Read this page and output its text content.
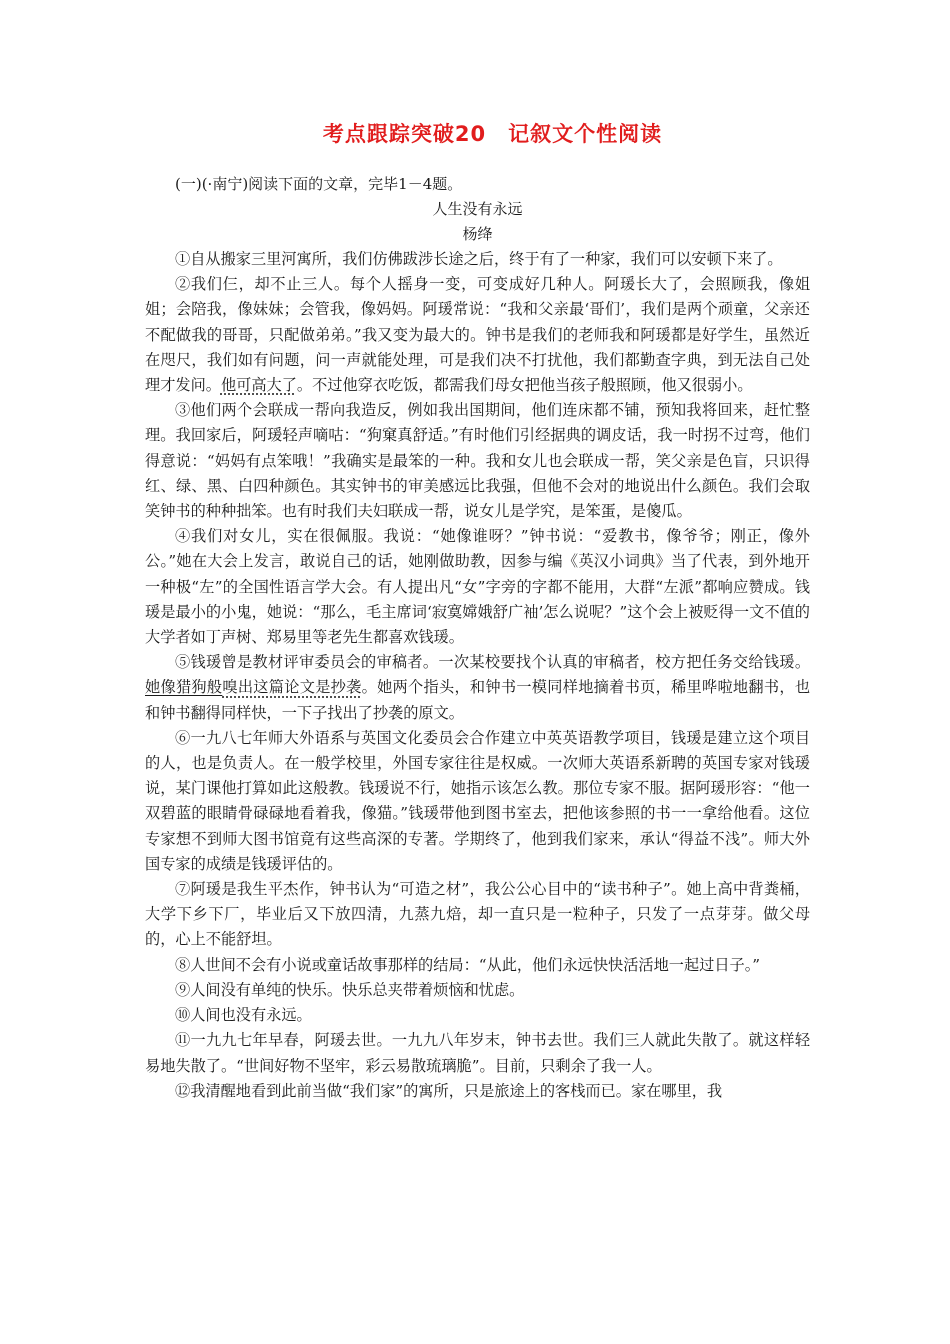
考点跟踪突破20　记叙文个性阅读

(一)(·南宁)阅读下面的文章，完毕1－4题。

人生没有永远

杨绛

①自从搬家三里河寓所，我们仿佛跋涉长途之后，终于有了一种家，我们可以安顿下来了。

②我们仨，却不止三人。每个人摇身一变，可变成好几种人。阿瑗长大了，会照顾我，像姐姐；会陪我，像妹妹；会管我，像妈妈。阿瑗常说：“我和父亲最‘哥们’，我们是两个顽童，父亲还不配做我的哥哥，只配做弟弟。”我又变为最大的。钟书是我们的老师我和阿瑗都是好学生，虽然近在咫尺，我们如有问题，问一声就能处理，可是我们决不打扰他，我们都勤查字典，到无法自己处理才发问。他可高大了。不过他穿衣吃饭，都需我们母女把他当孩子般照顾，他又很弱小。

③他们两个会联成一帮向我造反，例如我出国期间，他们连床都不铺，预知我将回来，赶忙整理。我回家后，阿瑗轻声嘀咕：“狗窠真舒适。”有时他们引经据典的调皮话，我一时拐不过弯，他们得意说：“妈妈有点笨哦！”我确实是最笨的一种。我和女儿也会联成一帮，笑父亲是色盲，只识得红、绿、黑、白四种颜色。其实钟书的审美感远比我强，但他不会对的地说出什么颜色。我们会取笑钟书的种种拙笨。也有时我们夫妇联成一帮，说女儿是学究，是笨蛋，是傻瓜。

④我们对女儿，实在很佩服。我说：“她像谁呀？”钟书说：“爱教书，像爷爷；刚正，像外公。”她在大会上发言，敢说自己的话，她刚做助教，因参与编《英汉小词典》当了代表，到外地开一种极“左”的全国性语言学大会。有人提出凡“女”字旁的字都不能用，大群“左派”都响应赞成。钱瑗是最小的小鬼，她说：“那么，毛主席词‘寂寞嫦娥舒广袖’怎么说呢？”这个会上被贬得一文不值的大学者如丁声树、郑易里等老先生都喜欢钱瑗。

⑤钱瑗曾是教材评审委员会的审稿者。一次某校要找个认真的审稿者，校方把任务交给钱瑗。她像猎狗般嗅出这篇论文是抄袭。她两个指头，和钟书一模同样地摘着书页，稀里哗啦地翻书，也和钟书翻得同样快，一下子找出了抄袭的原文。

⑥一九八七年师大外语系与英国文化委员会合作建立中英英语教学项目，钱瑗是建立这个项目的人，也是负责人。在一般学校里，外国专家往往是权威。一次师大英语系新聘的英国专家对钱瑗说，某门课他打算如此这般教。钱瑗说不行，她指示该怎么教。那位专家不服。据阿瑗形容：“他一双碧蓝的眼睛骨碌碌地看着我，像猫。”钱瑗带他到图书室去，把他该参照的书一一拿给他看。这位专家想不到师大图书馆竟有这些高深的专著。学期终了，他到我们家来，承认“得益不浅”。师大外国专家的成绩是钱瑗评估的。

⑦阿瑗是我生平杰作，钟书认为“可造之材”，我公公心目中的“读书种子”。她上高中背粪桶，大学下乡下厂，毕业后又下放四清，九蒸九焙，却一直只是一粒种子，只发了一点芽芽。做父母的，心上不能舒坦。

⑧人世间不会有小说或童话故事那样的结局：“从此，他们永远快快活活地一起过日子。”

⑨人间没有单纯的快乐。快乐总夹带着烦恼和忧虑。

⑩人间也没有永远。

⑪一九九七年早春，阿瑗去世。一九九八年岁末，钟书去世。我们三人就此失散了。就这样轻易地失散了。“世间好物不坚牢，彩云易散琉璃脆”。目前，只剩余了我一人。

⑫我清醒地看到此前当做“我们家”的寓所，只是旅途上的客栈而已。家在哪里，我
